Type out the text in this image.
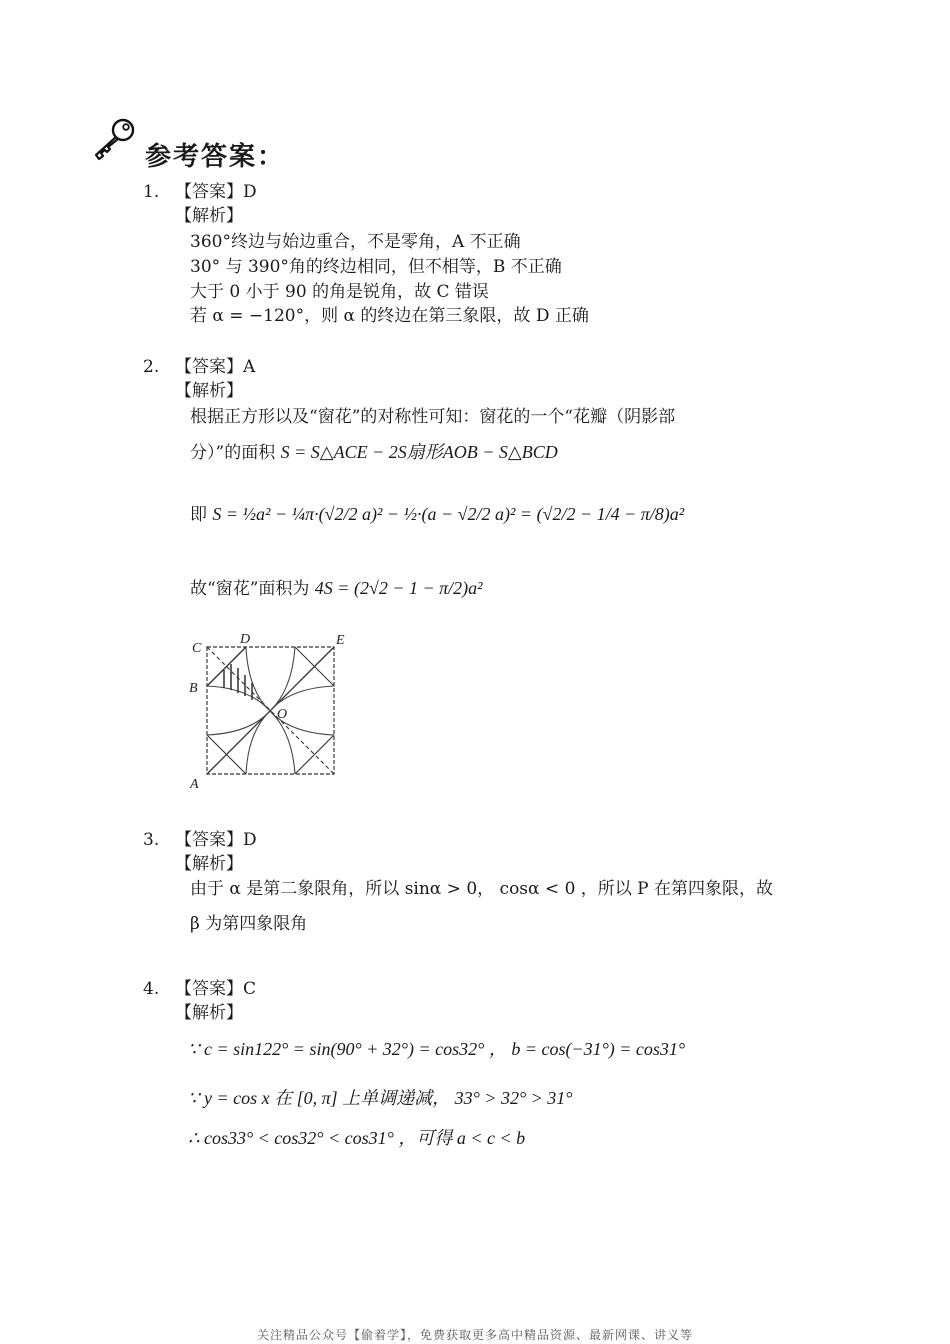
参考答案：
1. 【答案】D
【解析】
360°终边与始边重合，不是零角，A 不正确
30° 与 390°角的终边相同，但不相等，B 不正确
大于 0 小于 90 的角是锐角，故 C 错误
若 α = −120°，则 α 的终边在第三象限，故 D 正确
2. 【答案】A
【解析】
根据正方形以及“窗花”的对称性可知：窗花的一个“花瓣（阴影部
分）”的面积 S = S△ACE − 2S扇形AOB − S△BCD
即 S = ½a² − ¼π·(√2/2 a)² − ½·(a − √2/2 a)² = (√2/2 − 1/4 − π/8)a²
故“窗花”面积为 4S = (2√2 − 1 − π/2)a²
C
D	E
B
O
A
3. 【答案】D
【解析】
由于 α 是第二象限角，所以 sinα > 0， cosα < 0 ，所以 P 在第四象限，故
β 为第四象限角
4. 【答案】C
【解析】
∵ c = sin122° = sin(90° + 32°) = cos32° ， b = cos(−31°) = cos31°
∵ y = cos x 在 [0, π] 上单调递减， 33° > 32° > 31°
∴ cos33° < cos32° < cos31° ，可得 a < c < b
关注精品公众号【偷着学】，免费获取更多高中精品资源、最新网课、讲义等
